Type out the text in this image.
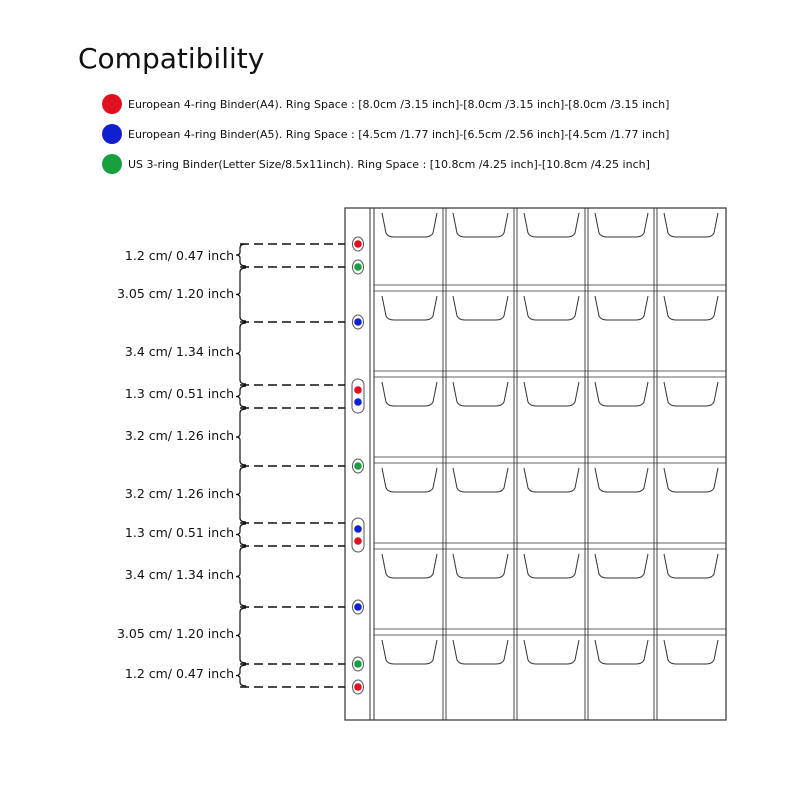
Compatibility
European 4-ring Binder(A4). Ring Space : [8.0cm /3.15 inch]-[8.0cm /3.15 inch]-[8.0cm /3.15 inch]
European 4-ring Binder(A5). Ring Space : [4.5cm /1.77 inch]-[6.5cm /2.56 inch]-[4.5cm /1.77 inch]
US 3-ring Binder(Letter Size/8.5x11inch). Ring Space : [10.8cm /4.25 inch]-[10.8cm /4.25 inch]
1.2 cm/ 0.47 inch
3.05 cm/ 1.20 inch
3.4 cm/ 1.34 inch
1.3 cm/ 0.51 inch
3.2 cm/ 1.26 inch
3.2 cm/ 1.26 inch
1.3 cm/ 0.51 inch
3.4 cm/ 1.34 inch
3.05 cm/ 1.20 inch
1.2 cm/ 0.47 inch
